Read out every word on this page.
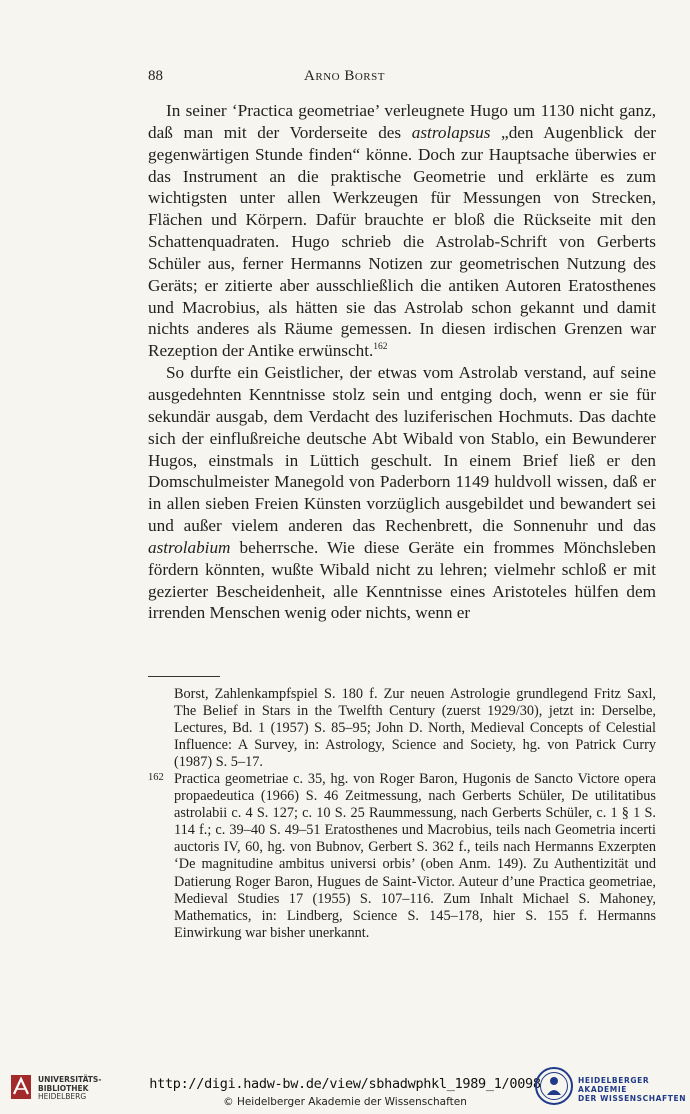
88	Arno Borst

In seiner ‘Practica geometriae’ verleugnete Hugo um 1130 nicht ganz, daß man mit der Vorderseite des astrolapsus „den Augenblick der gegenwärtigen Stunde finden“ könne. Doch zur Hauptsache überwies er das Instrument an die praktische Geometrie und erklärte es zum wichtigsten unter allen Werkzeugen für Messungen von Strecken, Flächen und Körpern. Dafür brauchte er bloß die Rückseite mit den Schattenquadraten. Hugo schrieb die Astrolab-Schrift von Gerberts Schüler aus, ferner Hermanns Notizen zur geometrischen Nutzung des Geräts; er zitierte aber ausschließlich die antiken Autoren Eratosthenes und Macrobius, als hätten sie das Astrolab schon gekannt und damit nichts anderes als Räume gemessen. In diesen irdischen Grenzen war Rezeption der Antike erwünscht.$^{162}$

So durfte ein Geistlicher, der etwas vom Astrolab verstand, auf seine ausgedehnten Kenntnisse stolz sein und entging doch, wenn er sie für sekundär ausgab, dem Verdacht des luziferischen Hochmuts. Das dachte sich der einflußreiche deutsche Abt Wibald von Stablo, ein Bewunderer Hugos, einstmals in Lüttich geschult. In einem Brief ließ er den Domschulmeister Manegold von Paderborn 1149 huldvoll wissen, daß er in allen sieben Freien Künsten vorzüglich ausgebildet und bewandert sei und außer vielem anderen das Rechenbrett, die Sonnenuhr und das astrolabium beherrsche. Wie diese Geräte ein frommes Mönchsleben fördern könnten, wußte Wibald nicht zu lehren; vielmehr schloß er mit gezierter Bescheidenheit, alle Kenntnisse eines Aristoteles hülfen dem irrenden Menschen wenig oder nichts, wenn er

Borst, Zahlenkampfspiel S. 180 f. Zur neuen Astrologie grundlegend Fritz Saxl, The Belief in Stars in the Twelfth Century (zuerst 1929/30), jetzt in: Derselbe, Lectures, Bd. 1 (1957) S. 85–95; John D. North, Medieval Concepts of Celestial Influence: A Survey, in: Astrology, Science and Society, hg. von Patrick Curry (1987) S. 5–17.
162 Practica geometriae c. 35, hg. von Roger Baron, Hugonis de Sancto Victore opera propaedeutica (1966) S. 46 Zeitmessung, nach Gerberts Schüler, De utilitatibus astrolabii c. 4 S. 127; c. 10 S. 25 Raummessung, nach Gerberts Schüler, c. 1 § 1 S. 114 f.; c. 39–40 S. 49–51 Eratosthenes und Macrobius, teils nach Geometria incerti auctoris IV, 60, hg. von Bubnov, Gerbert S. 362 f., teils nach Hermanns Exzerpten ‘De magnitudine ambitus universi orbis’ (oben Anm. 149). Zu Authentizität und Datierung Roger Baron, Hugues de Saint-Victor. Auteur d’une Practica geometriae, Medieval Studies 17 (1955) S. 107–116. Zum Inhalt Michael S. Mahoney, Mathematics, in: Lindberg, Science S. 145–178, hier S. 155 f. Hermanns Einwirkung war bisher unerkannt.
UNIVERSITÄTS-
BIBLIOTHEK
HEIDELBERG
http://digi.hadw-bw.de/view/sbhadwphkl_1989_1/0098
© Heidelberger Akademie der Wissenschaften
HEIDELBERGER AKADEMIE
DER WISSENSCHAFTEN
